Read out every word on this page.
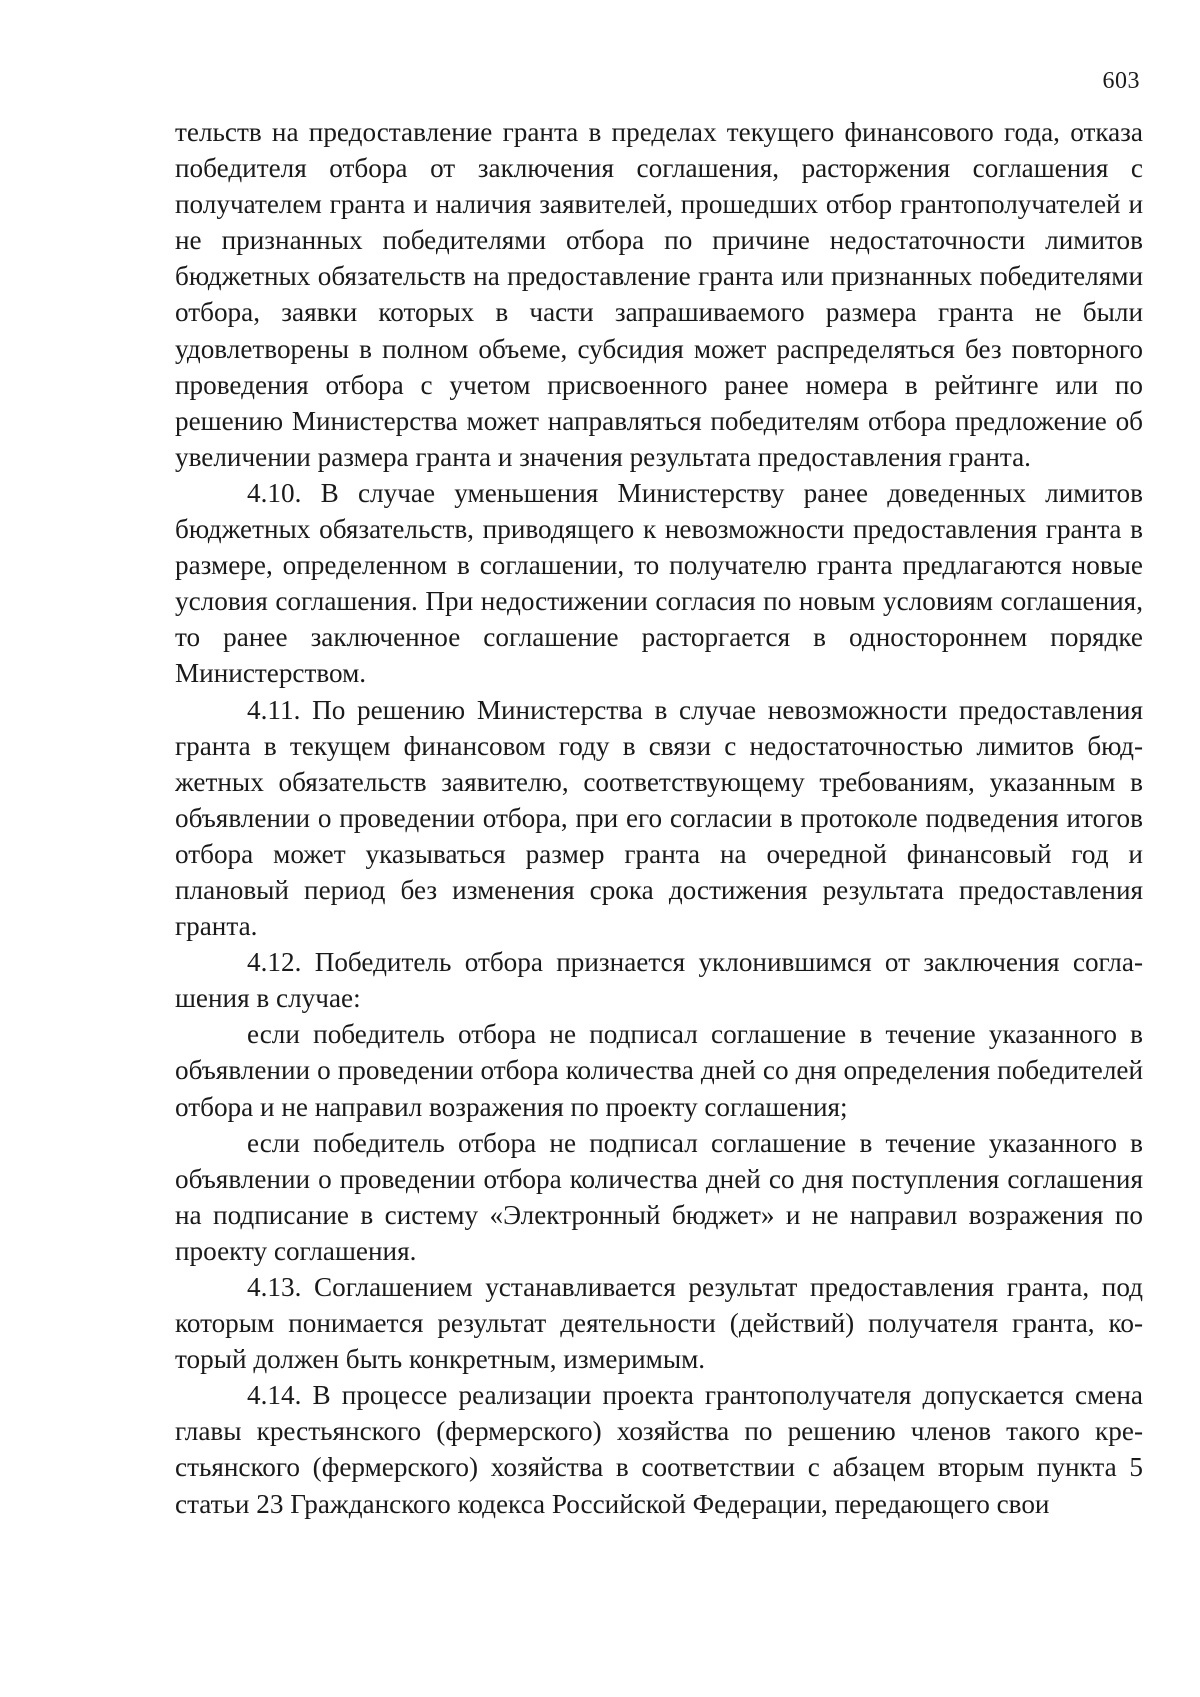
603

тельств на предоставление гранта в пределах текущего финансового года, отказа победителя отбора от заключения соглашения, расторжения соглашения с получателем гранта и наличия заявителей, прошедших отбор грантополучателей и не признанных победителями отбора по причине недостаточности лимитов бюджетных обязательств на предоставление гранта или признанных победителями отбора, заявки которых в части запрашиваемого размера гранта не были удовлетворены в полном объеме, субсидия может распределяться без повторного проведения отбора с учетом присвоенного ранее номера в рейтинге или по решению Министерства может направляться победителям отбора предложение об увеличении размера гранта и значения результата предоставления гранта.

4.10. В случае уменьшения Министерству ранее доведенных лимитов бюджетных обязательств, приводящего к невозможности предоставления гранта в размере, определенном в соглашении, то получателю гранта предлагаются новые условия соглашения. При недостижении согласия по новым условиям соглашения, то ранее заключенное соглашение расторгается в одностороннем порядке Министерством.

4.11. По решению Министерства в случае невозможности предоставления гранта в текущем финансовом году в связи с недостаточностью лимитов бюджетных обязательств заявителю, соответствующему требованиям, указанным в объявлении о проведении отбора, при его согласии в протоколе подведения итогов отбора может указываться размер гранта на очередной финансовый год и плановый период без изменения срока достижения результата предоставления гранта.

4.12. Победитель отбора признается уклонившимся от заключения соглашения в случае:

если победитель отбора не подписал соглашение в течение указанного в объявлении о проведении отбора количества дней со дня определения победителей отбора и не направил возражения по проекту соглашения;

если победитель отбора не подписал соглашение в течение указанного в объявлении о проведении отбора количества дней со дня поступления соглашения на подписание в систему «Электронный бюджет» и не направил возражения по проекту соглашения.

4.13. Соглашением устанавливается результат предоставления гранта, под которым понимается результат деятельности (действий) получателя гранта, который должен быть конкретным, измеримым.

4.14. В процессе реализации проекта грантополучателя допускается смена главы крестьянского (фермерского) хозяйства по решению членов такого крестьянского (фермерского) хозяйства в соответствии с абзацем вторым пункта 5 статьи 23 Гражданского кодекса Российской Федерации, передающего свои
